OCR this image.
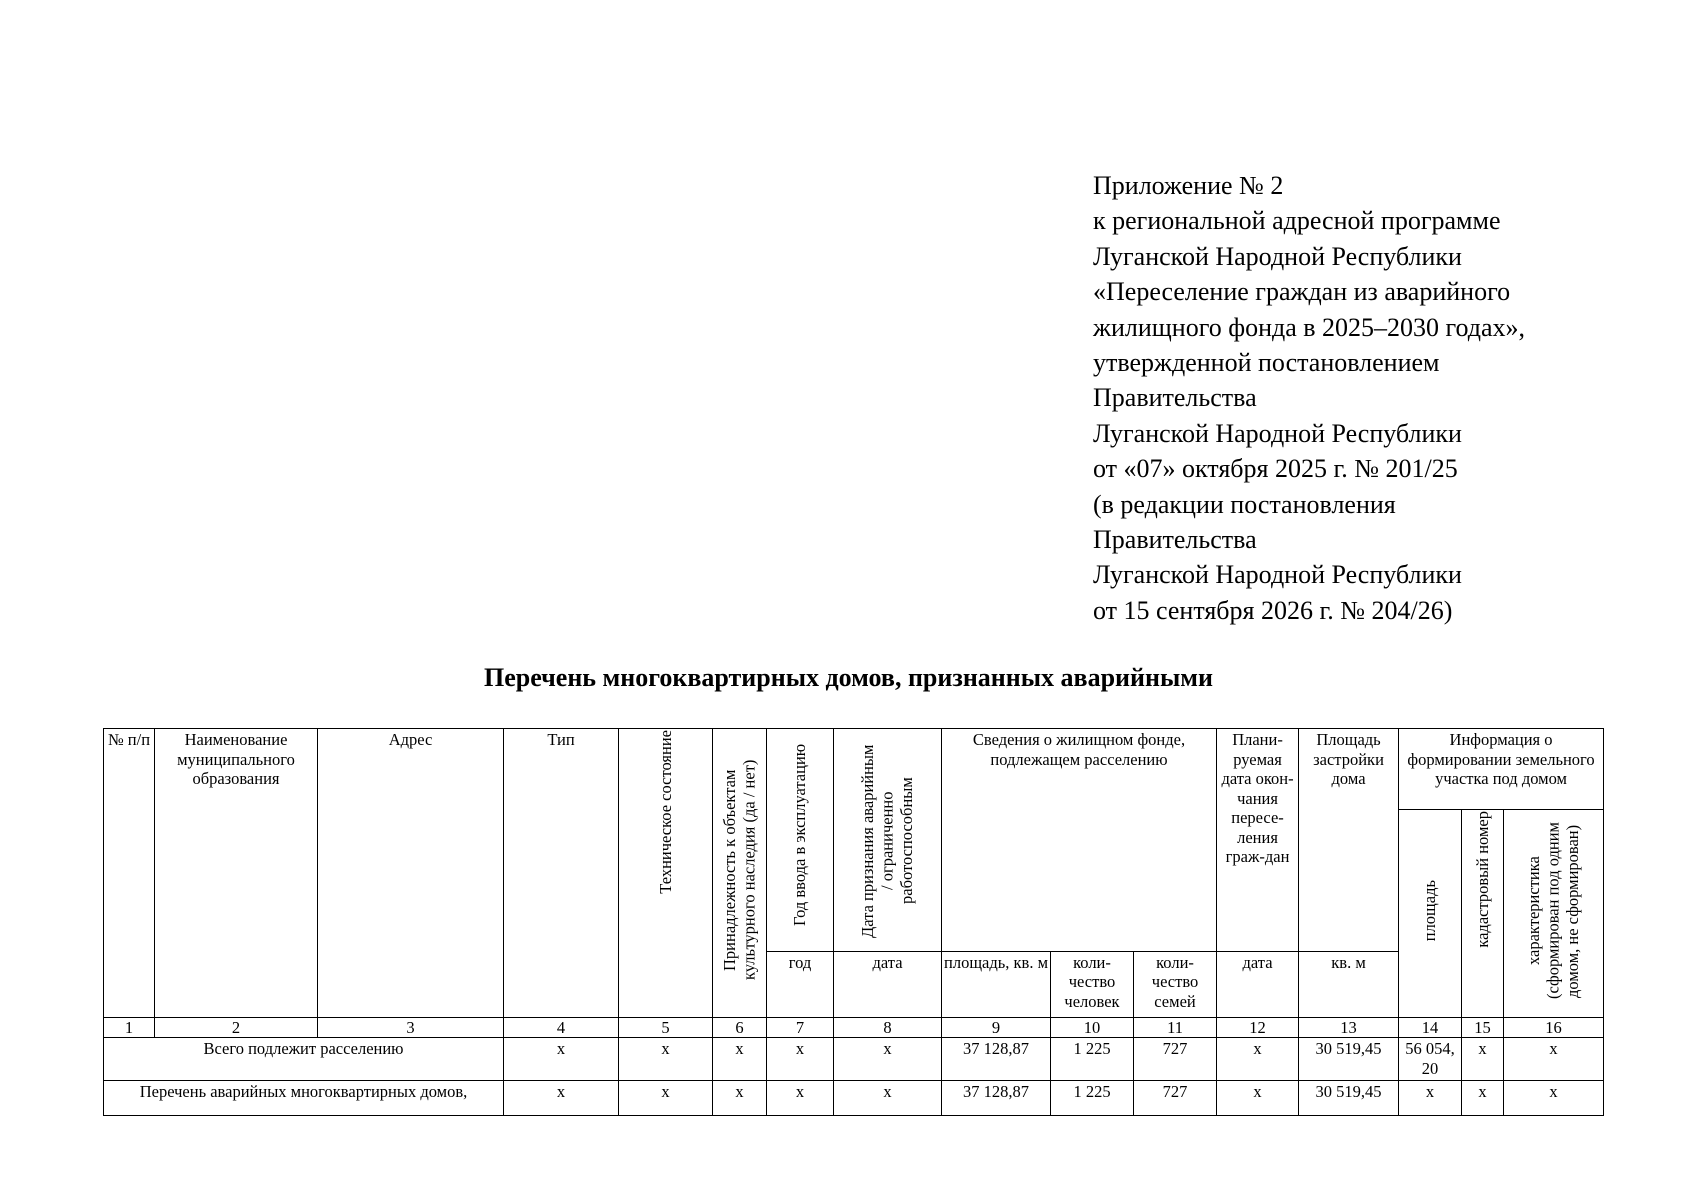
Приложение № 2
к региональной адресной программе
Луганской Народной Республики
«Переселение граждан из аварийного
жилищного фонда в 2025–2030 годах»,
утвержденной постановлением
Правительства
Луганской Народной Республики
от «07» октября 2025 г. № 201/25
(в редакции постановления
Правительства
Луганской Народной Республики
от 15 сентября 2026 г. № 204/26)
Перечень многоквартирных домов, признанных аварийными
№ п/п	Наименование муниципального образования	Адрес	Тип	Техническое состояние	Принадлежность к объектам культурного наследия (да / нет)	Год ввода в эксплуатацию	Дата признания аварийным / ограниченно работоспособным	Сведения о жилищном фонде, подлежащем расселению			Плани-руемая дата окон-чания пересе-ления граж-дан	Площадь застройки дома	Информация о формировании земельного участка под домом		
													площадь	кадастровый номер	характеристика (сформирован под одним домом, не сформирован)
						год	дата	площадь, кв. м	коли-чество человек	коли-чество семей	дата	кв. м			
1	2	3	4	5	6	7	8	9	10	11	12	13	14	15	16
Всего подлежит расселению			х	х	х	х	х	37 128,87	1 225	727	х	30 519,45	56 054, 20	х	х
Перечень аварийных многоквартирных домов,			х	х	х	х	х	37 128,87	1 225	727	х	30 519,45	х	х	х
